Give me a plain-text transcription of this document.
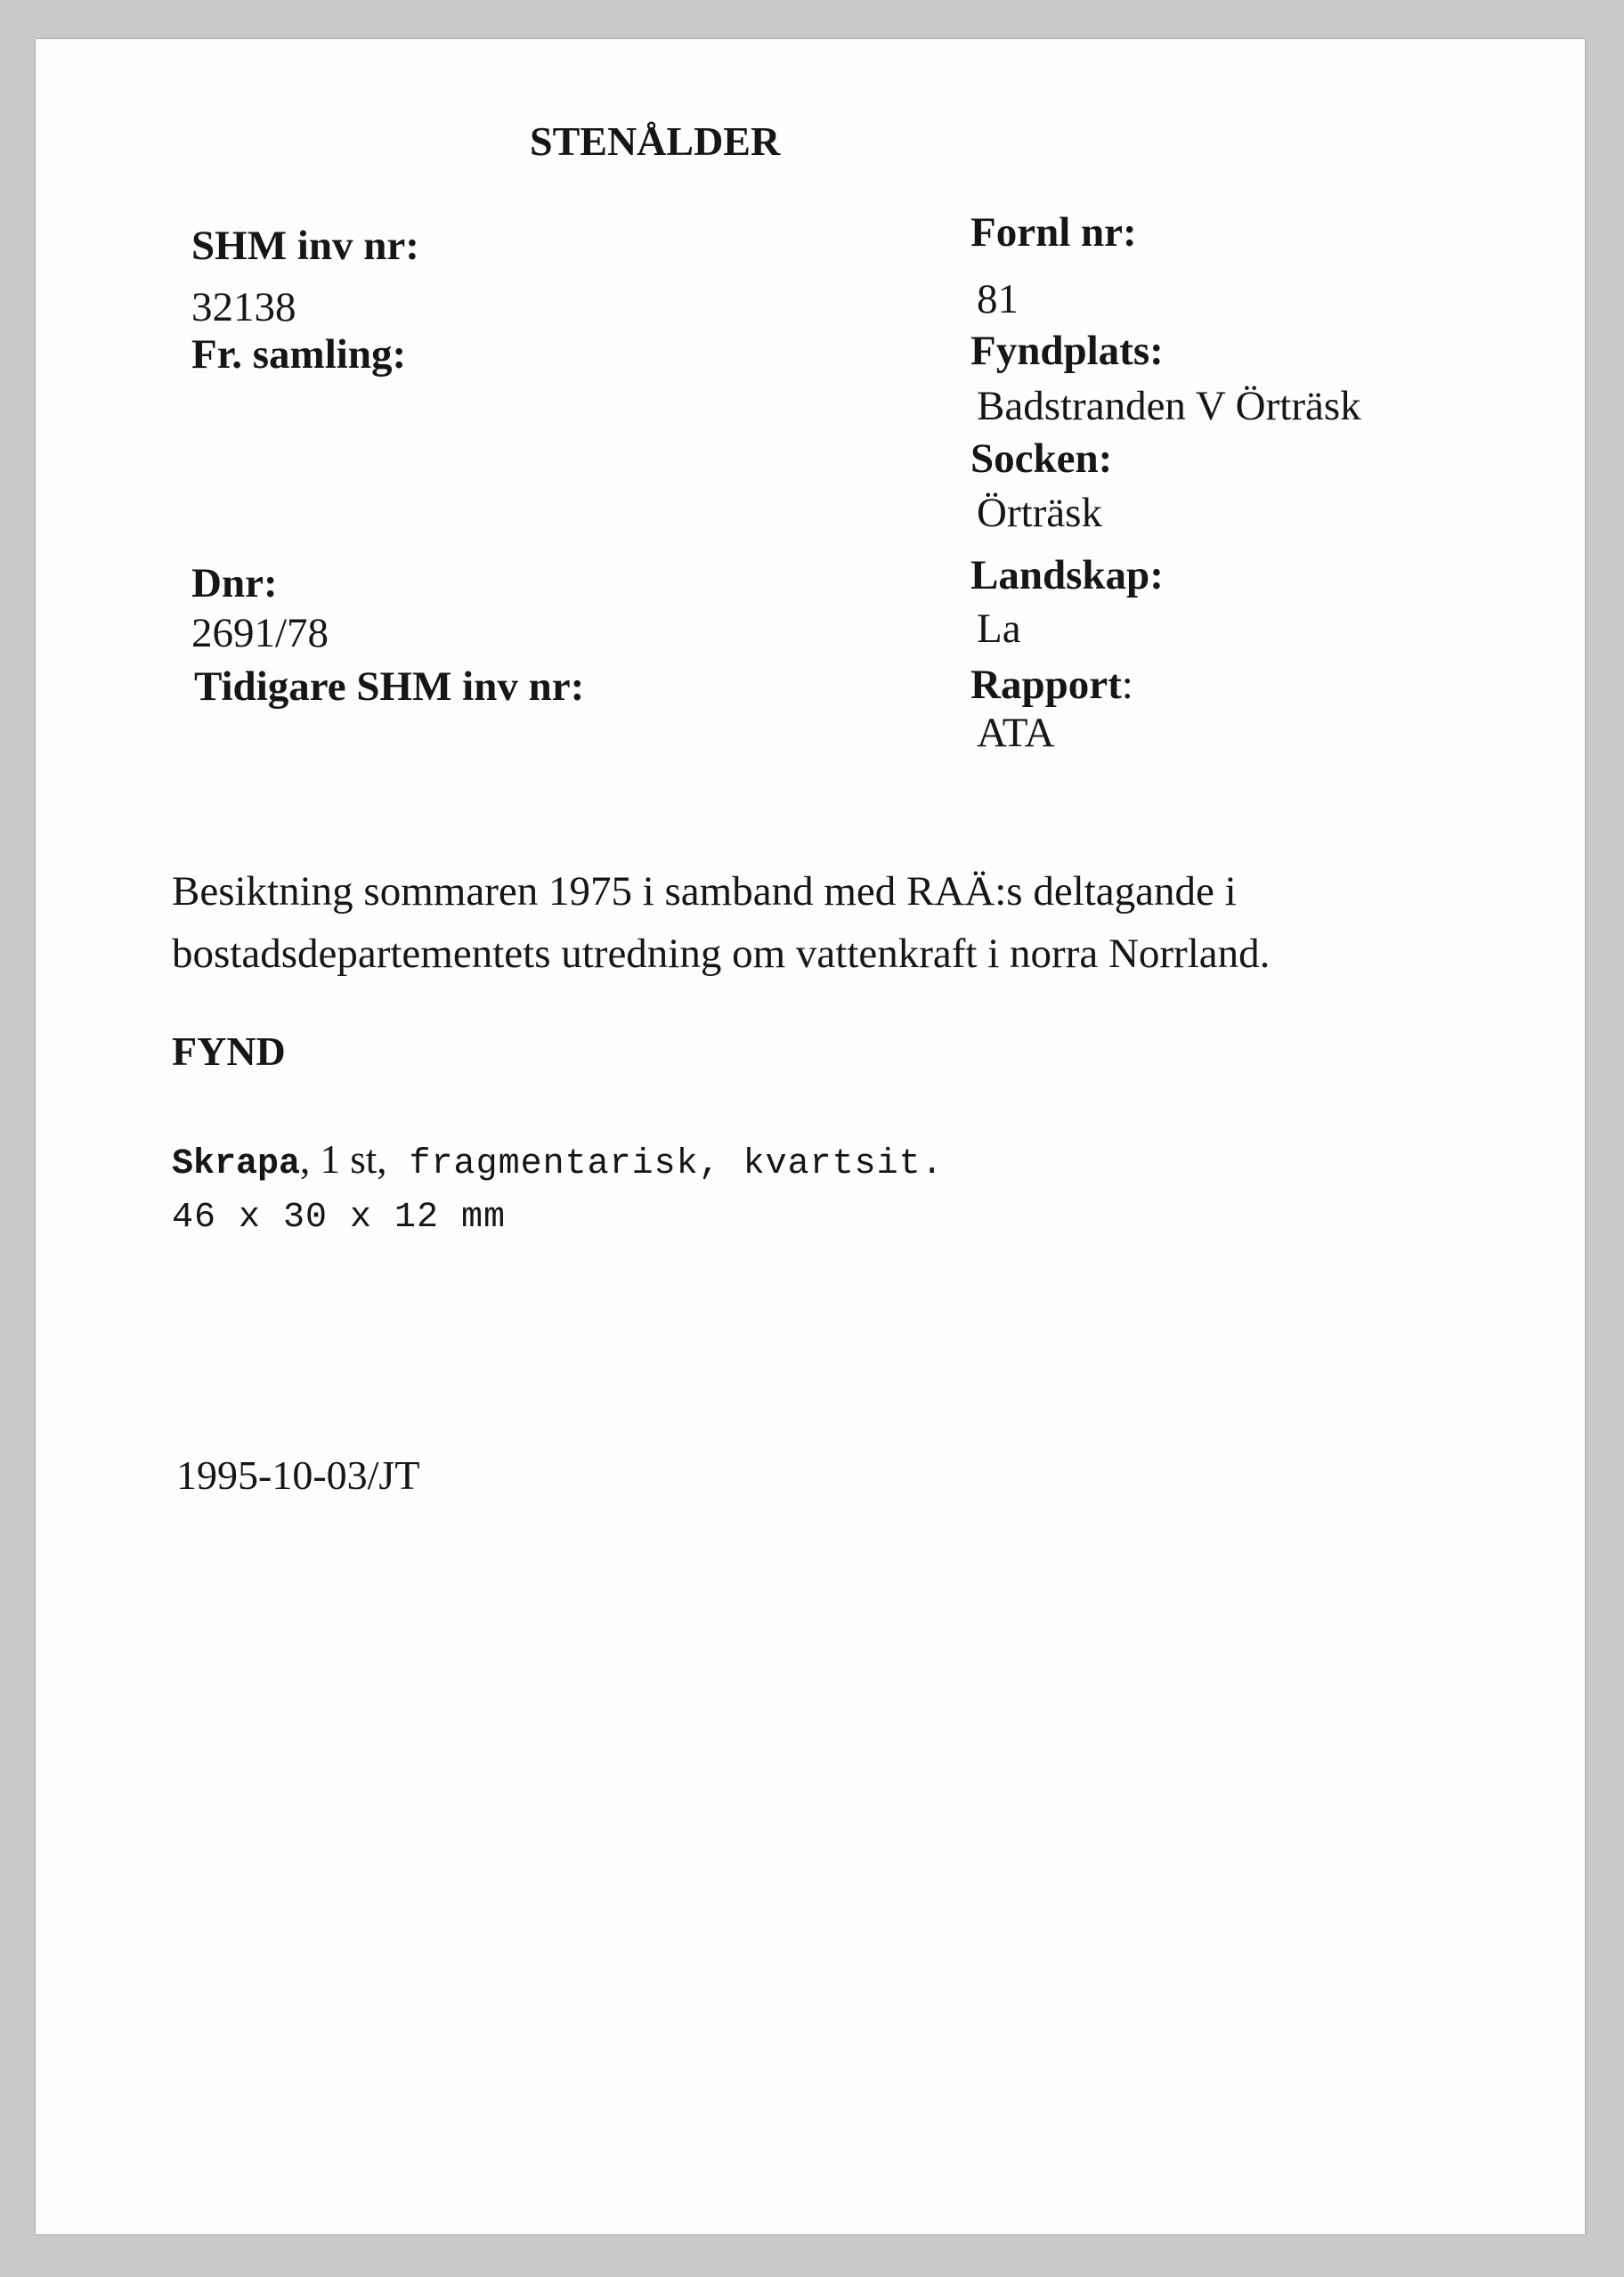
STENÅLDER
SHM inv nr:
32138
Fr. samling:
Dnr:
2691/78
Tidigare SHM inv nr:
Fornl nr:
81
Fyndplats:
Badstranden V Örträsk
Socken:
Örträsk
Landskap:
La
Rapport:
ATA
Besiktning sommaren 1975 i samband med RAÄ:s deltagande i bostadsdepartementets utredning om vattenkraft i norra Norrland.
FYND
Skrapa, 1 st, fragmentarisk, kvartsit.
46 x 30 x 12 mm
1995-10-03/JT
